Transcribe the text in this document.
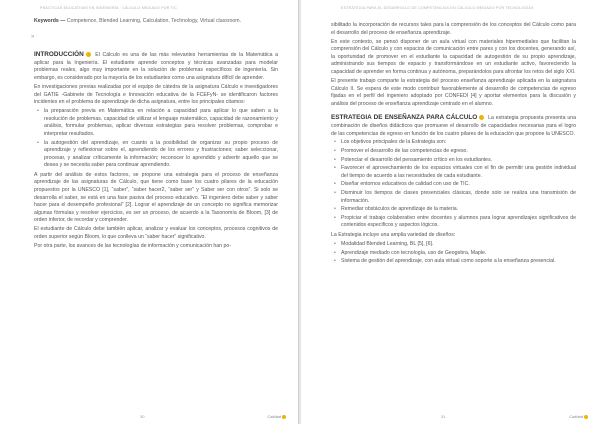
PRÁCTICAS EDUCATIVAS EN INGENIERÍA · CÁLCULO MEDIADO POR TIC

Keywords — Competence, Blended Learning, Calculation, Technology, Virtual classroom.

»

INTRODUCCIÓN El Cálculo es una de las más relevantes herramientas de la Matemática a aplicar para la Ingeniería. El estudiante aprende conceptos y técnicas avanzadas para modelar problemas reales, algo muy importante en la solución de problemas específicos de ingeniería. Sin embargo, es considerado por la mayoría de los estudiantes como una asignatura difícil de aprender.

En investigaciones previas realizadas por el equipo de cátedra de la asignatura Cálculo e investigadores del GATIE -Gabinete de Tecnología e Innovación educativa de la FCEFyN- se identificaron factores incidentes en el problema de aprendizaje de dicha asignatura, entre los principales citamos:

• la preparación previa en Matemática en relación a capacidad para aplicar lo que saben a la resolución de problemas. capacidad de utilizar el lenguaje matemático, capacidad de razonamiento y análisis, formular problemas, aplicar diversas estrategias para resolver problemas, comprobar e interpretar resultados.
• la autogestión del aprendizaje, en cuanto a la posibilidad de organizar su propio proceso de aprendizaje y reflexionar sobre el, aprendiendo de los errores y frustraciones; saber seleccionar, procesar, y analizar críticamente la información; reconocer lo aprendido y advertir aquello que se desea y se necesita saber para continuar aprendiendo.

A partir del análisis de estos factores, se propone una estrategia para el proceso de enseñanza aprendizaje de las asignaturas de Cálculo, que tiene como base los cuatro pilares de la educación propuestos por la UNESCO [1], “saber”, “saber hacer2, “saber ser” y Saber ser con otros”. Si solo se desarrolla el saber, se está en una fase pasiva del proceso educativo. “El ingeniero debe saber y saber hacer para el desempeño profesional” [2]. Lograr el aprendizaje de un concepto no significa memorizar algunas fórmulas y resolver ejercicios, es ser un proceso, de acuerdo a la Taxonomía de Bloom, [3] de orden inferior, de recordar y comprender.

El estudiante de Cálculo debe también aplicar, analizar y evaluar los conceptos, procesos cognitivos de orden superior según Bloom, lo que conlleva un “saber hacer” significativo.

Por otra parte, los avances de las tecnologías de información y comunicación han po-

30	Calidad
ESTRATEGIA PARA EL DESARROLLO DE COMPETENCIAS EN CÁLCULO MEDIADO POR TECNOLOGÍAS

sibilitado la incorporación de recursos tales para la comprensión de los conceptos del Cálculo como para el desarrollo del proceso de enseñanza aprendizaje.

En este contexto, se pensó disponer de un aula virtual con materiales hipermediales que facilitan la comprensión del Cálculo y con espacios de comunicación entre pares y con los docentes, generando así, la oportunidad de promover en el estudiante la capacidad de autogestión de su propio aprendizaje, administrando sus tiempos de espacio y transformándose en un estudiante activo, favoreciendo la capacidad de aprender en forma continua y autónoma, preparándolos para afrontar los retos del siglo XXI.

El presente trabajo comparte la estrategia del proceso enseñanza aprendizaje aplicada en la asignatura Cálculo II. Se espera de este modo contribuir favorablemente al desarrollo de competencias de egreso fijadas en el perfil del ingeniero adoptado por CONFEDI [4] y aportar elementos para la discusión y análisis del proceso de enseñanza aprendizaje centrado en el alumno.

ESTRATEGIA DE ENSEÑANZA PARA CÁLCULO La estrategia propuesta presenta una combinación de diseños didácticos que promueve el desarrollo de capacidades necesarias para el logro de las competencias de egreso en función de los cuatro pilares de la educación que propone la UNESCO.

• Los objetivos principales de la Estrategia son:
• Promover el desarrollo de las competencias de egreso.
• Potenciar el desarrollo del pensamiento crítico en los estudiantes.
• Favorecer el aprovechamiento de los espacios virtuales con el fin de permitir una gestión individual del tiempo de acuerdo a las necesidades de cada estudiante.
• Diseñar entornos educativos de calidad con uso de TIC.
• Disminuir los tiempos de clases presenciales clásicas, donde solo se realiza una transmisión de información.
• Remediar obstáculos de aprendizaje de la materia.
• Propiciar el trabajo colaborativo entre docentes y alumnos para lograr aprendizajes significativos de contenidos específicos y aspectos lógicos.

La Estrategia incluye una amplia variedad de diseños:

• Modalidad Blended Learning, BL [5], [6].
• Aprendizaje mediado con tecnología, uso de Geogebra, Maple.
• Sistema de gestión del aprendizaje, con aula virtual como soporte a la enseñanza presencial.
31	Calidad
